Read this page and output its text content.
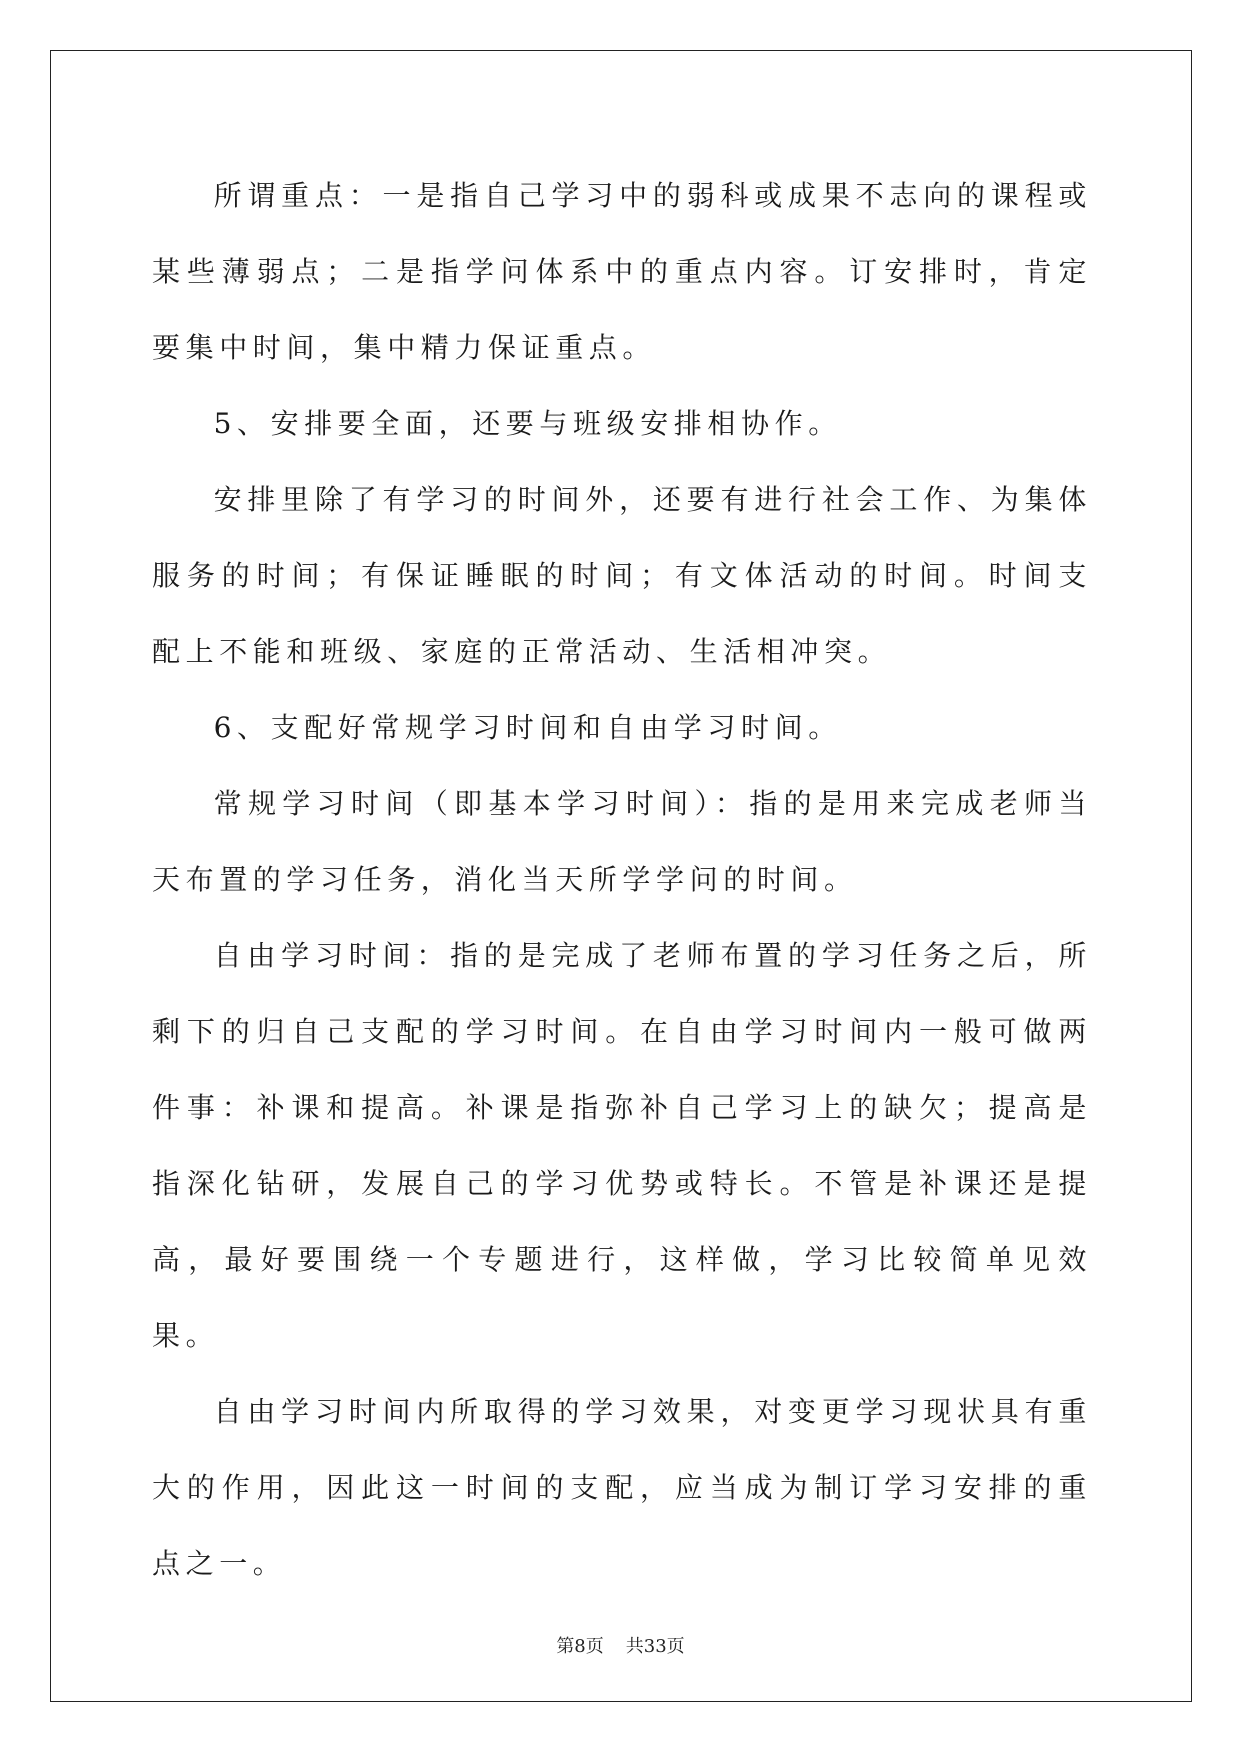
所谓重点：一是指自己学习中的弱科或成果不志向的课程或某些薄弱点；二是指学问体系中的重点内容。订安排时，肯定要集中时间，集中精力保证重点。

5、安排要全面，还要与班级安排相协作。

安排里除了有学习的时间外，还要有进行社会工作、为集体服务的时间；有保证睡眠的时间；有文体活动的时间。时间支配上不能和班级、家庭的正常活动、生活相冲突。

6、支配好常规学习时间和自由学习时间。

常规学习时间（即基本学习时间）：指的是用来完成老师当天布置的学习任务，消化当天所学学问的时间。

自由学习时间：指的是完成了老师布置的学习任务之后，所剩下的归自己支配的学习时间。在自由学习时间内一般可做两件事：补课和提高。补课是指弥补自己学习上的缺欠；提高是指深化钻研，发展自己的学习优势或特长。不管是补课还是提高，最好要围绕一个专题进行，这样做，学习比较简单见效果。

自由学习时间内所取得的学习效果，对变更学习现状具有重大的作用，因此这一时间的支配，应当成为制订学习安排的重点之一。

第8页 共33页
